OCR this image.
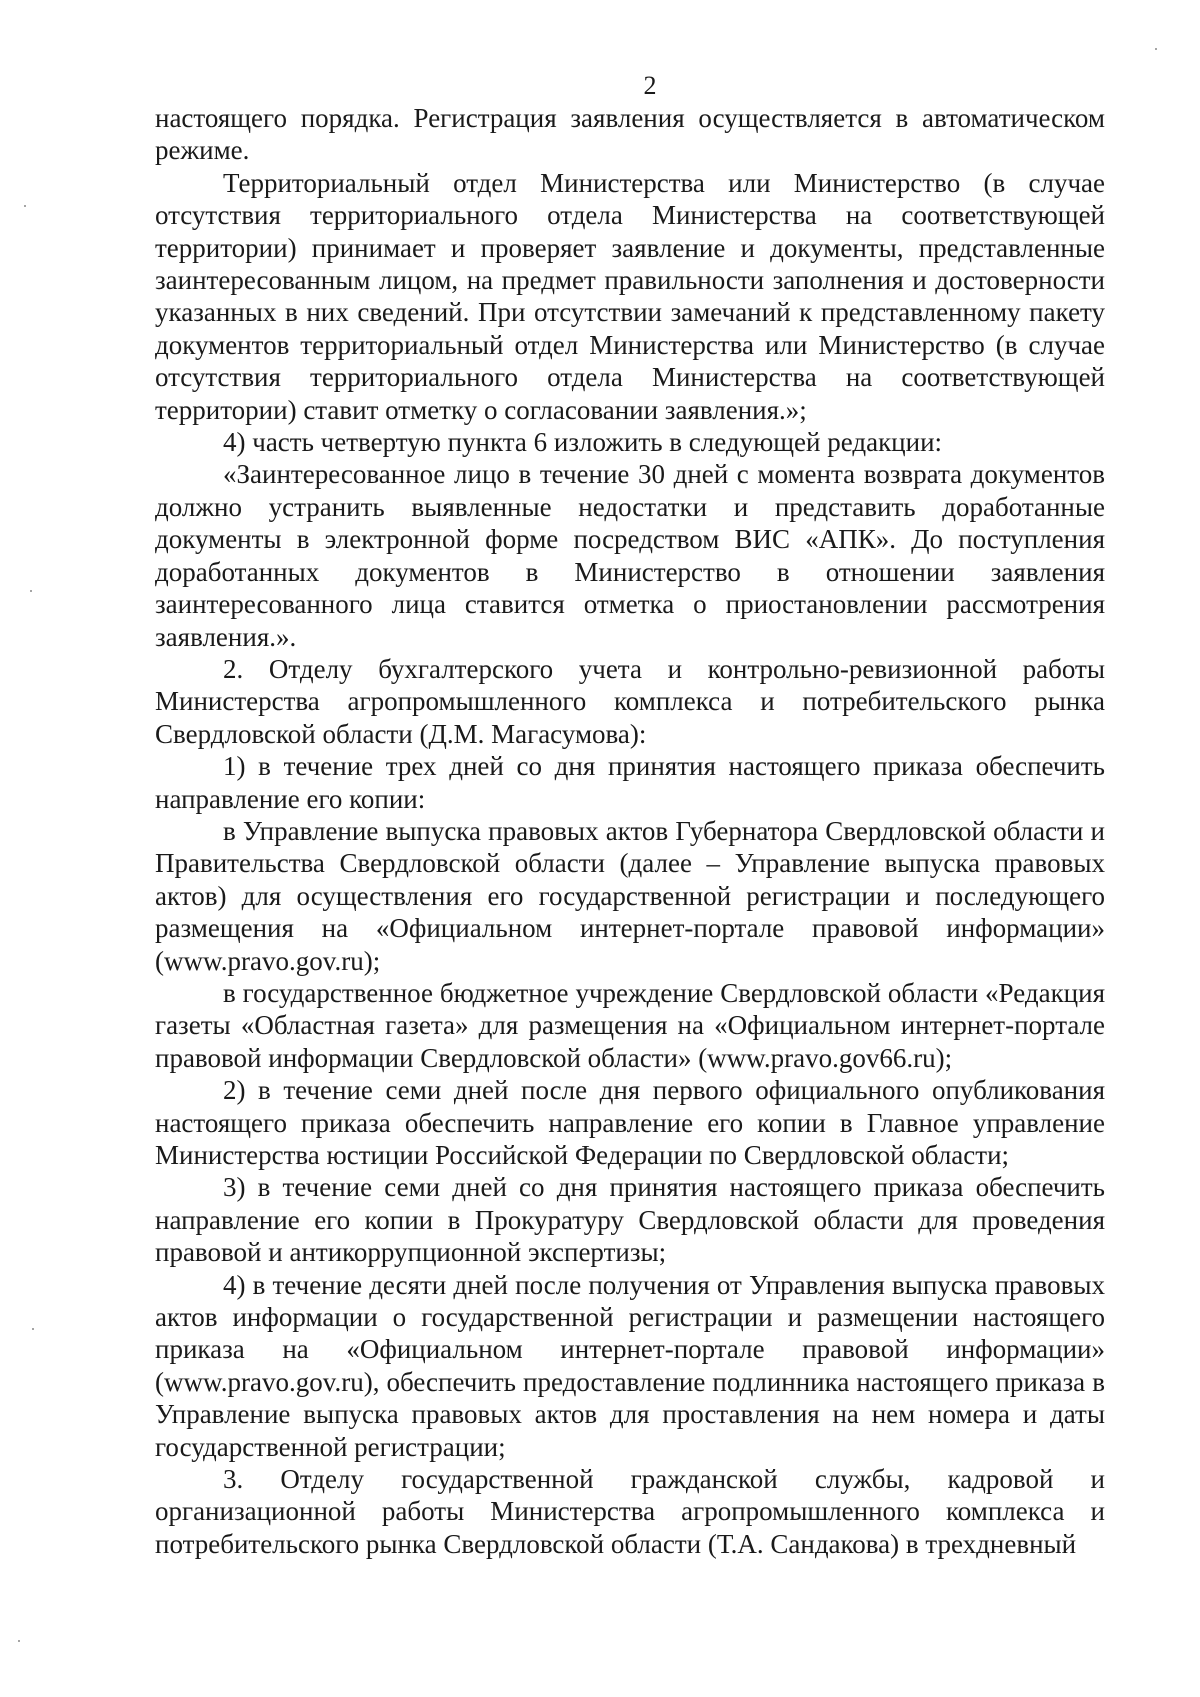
2

настоящего порядка. Регистрация заявления осуществляется в автоматическом режиме.

Территориальный отдел Министерства или Министерство (в случае отсутствия территориального отдела Министерства на соответствующей территории) принимает и проверяет заявление и документы, представленные заинтересованным лицом, на предмет правильности заполнения и достоверности указанных в них сведений. При отсутствии замечаний к представленному пакету документов территориальный отдел Министерства или Министерство (в случае отсутствия территориального отдела Министерства на соответствующей территории) ставит отметку о согласовании заявления.»;

4) часть четвертую пункта 6 изложить в следующей редакции:

«Заинтересованное лицо в течение 30 дней с момента возврата документов должно устранить выявленные недостатки и представить доработанные документы в электронной форме посредством ВИС «АПК». До поступления доработанных документов в Министерство в отношении заявления заинтересованного лица ставится отметка о приостановлении рассмотрения заявления.».

2. Отделу бухгалтерского учета и контрольно-ревизионной работы Министерства агропромышленного комплекса и потребительского рынка Свердловской области (Д.М. Магасумова):

1) в течение трех дней со дня принятия настоящего приказа обеспечить направление его копии:

в Управление выпуска правовых актов Губернатора Свердловской области и Правительства Свердловской области (далее – Управление выпуска правовых актов) для осуществления его государственной регистрации и последующего размещения на «Официальном интернет-портале правовой информации» (www.pravo.gov.ru);

в государственное бюджетное учреждение Свердловской области «Редакция газеты «Областная газета» для размещения на «Официальном интернет-портале правовой информации Свердловской области» (www.pravo.gov66.ru);

2) в течение семи дней после дня первого официального опубликования настоящего приказа обеспечить направление его копии в Главное управление Министерства юстиции Российской Федерации по Свердловской области;

3) в течение семи дней со дня принятия настоящего приказа обеспечить направление его копии в Прокуратуру Свердловской области для проведения правовой и антикоррупционной экспертизы;

4) в течение десяти дней после получения от Управления выпуска правовых актов информации о государственной регистрации и размещении настоящего приказа на «Официальном интернет-портале правовой информации» (www.pravo.gov.ru), обеспечить предоставление подлинника настоящего приказа в Управление выпуска правовых актов для проставления на нем номера и даты государственной регистрации;

3. Отделу государственной гражданской службы, кадровой и организационной работы Министерства агропромышленного комплекса и потребительского рынка Свердловской области (Т.А. Сандакова) в трехдневный
